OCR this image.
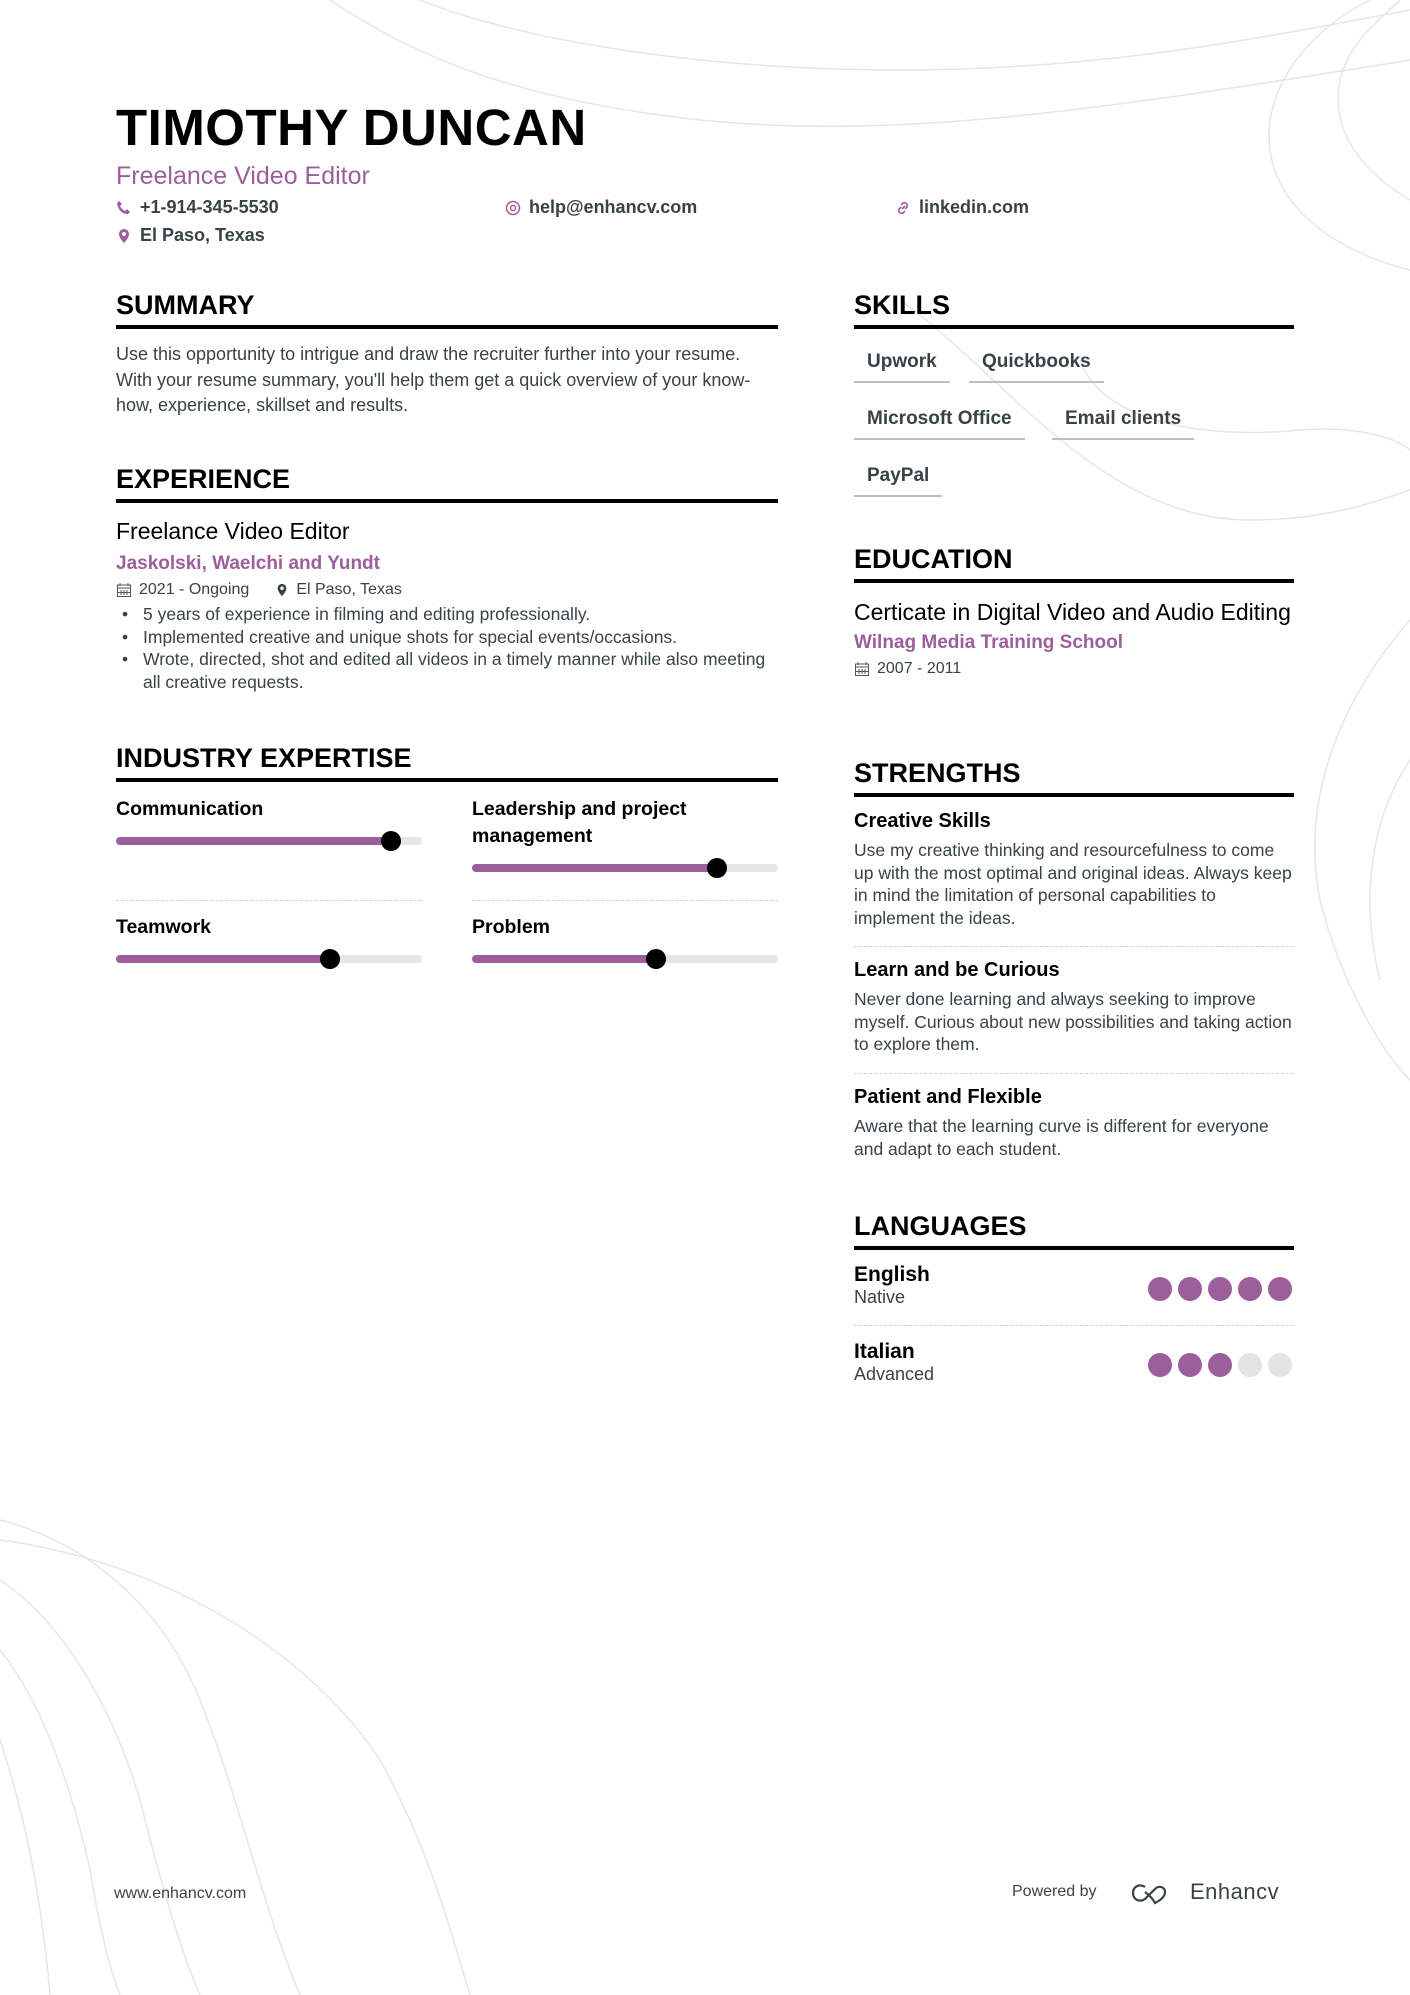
TIMOTHY DUNCAN
Freelance Video Editor
+1-914-345-5530	help@enhancv.com	linkedin.com
El Paso, Texas
SUMMARY
Use this opportunity to intrigue and draw the recruiter further into your resume. With your resume summary, you'll help them get a quick overview of your know-how, experience, skillset and results.
EXPERIENCE
Freelance Video Editor
Jaskolski, Waelchi and Yundt
2021 - Ongoing	El Paso, Texas
• 5 years of experience in filming and editing professionally.
• Implemented creative and unique shots for special events/occasions.
• Wrote, directed, shot and edited all videos in a timely manner while also meeting all creative requests.
INDUSTRY EXPERTISE
Communication	Leadership and project management
Teamwork	Problem
SKILLS
Upwork	Quickbooks
Microsoft Office	Email clients
PayPal
EDUCATION
Certicate in Digital Video and Audio Editing
Wilnag Media Training School
2007 - 2011
STRENGTHS
Creative Skills
Use my creative thinking and resourcefulness to come up with the most optimal and original ideas. Always keep in mind the limitation of personal capabilities to implement the ideas.
Learn and be Curious
Never done learning and always seeking to improve myself. Curious about new possibilities and taking action to explore them.
Patient and Flexible
Aware that the learning curve is different for everyone and adapt to each student.
LANGUAGES
English
Native
Italian
Advanced
www.enhancv.com	Powered by	Enhancv
